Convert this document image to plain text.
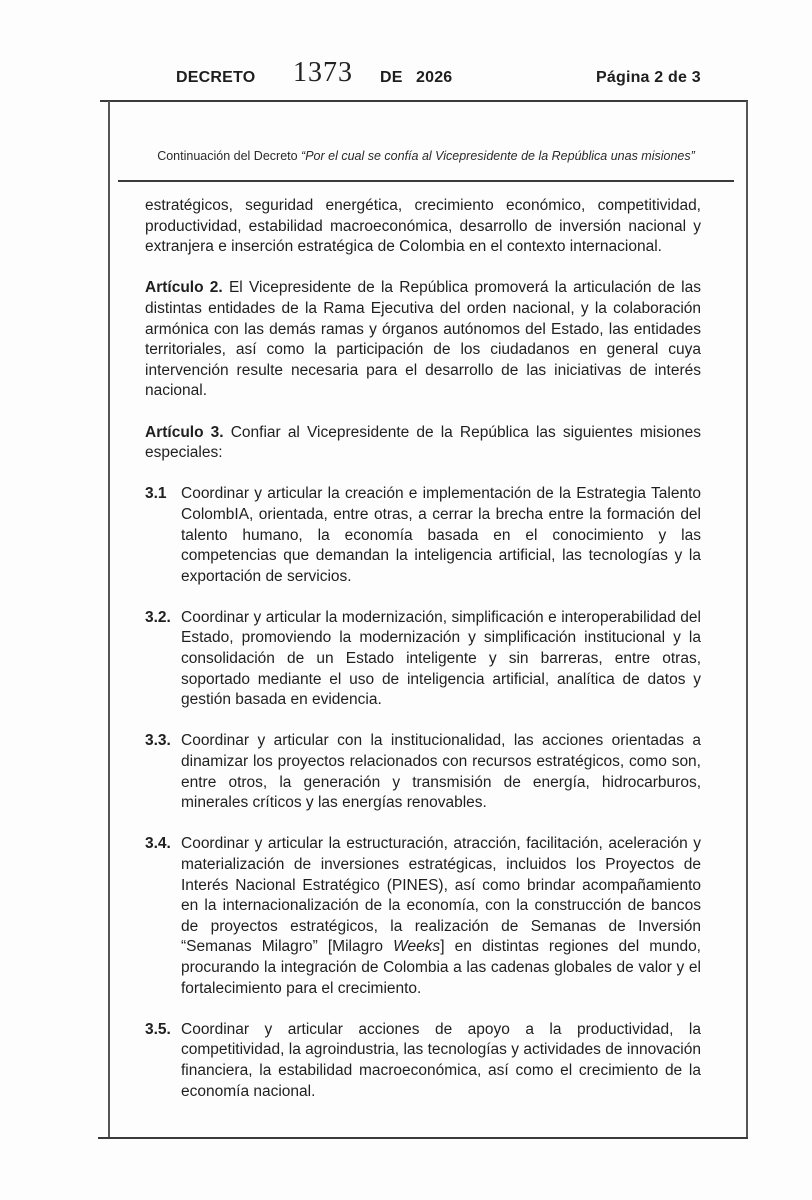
DECRETO 1373 DE 2026	Página 2 de 3
Continuación del Decreto “Por el cual se confía al Vicepresidente de la República unas misiones”

estratégicos, seguridad energética, crecimiento económico, competitividad, productividad, estabilidad macroeconómica, desarrollo de inversión nacional y extranjera e inserción estratégica de Colombia en el contexto internacional.

Artículo 2. El Vicepresidente de la República promoverá la articulación de las distintas entidades de la Rama Ejecutiva del orden nacional, y la colaboración armónica con las demás ramas y órganos autónomos del Estado, las entidades territoriales, así como la participación de los ciudadanos en general cuya intervención resulte necesaria para el desarrollo de las iniciativas de interés nacional.

Artículo 3. Confiar al Vicepresidente de la República las siguientes misiones especiales:

3.1 Coordinar y articular la creación e implementación de la Estrategia Talento ColombIA, orientada, entre otras, a cerrar la brecha entre la formación del talento humano, la economía basada en el conocimiento y las competencias que demandan la inteligencia artificial, las tecnologías y la exportación de servicios.

3.2. Coordinar y articular la modernización, simplificación e interoperabilidad del Estado, promoviendo la modernización y simplificación institucional y la consolidación de un Estado inteligente y sin barreras, entre otras, soportado mediante el uso de inteligencia artificial, analítica de datos y gestión basada en evidencia.

3.3. Coordinar y articular con la institucionalidad, las acciones orientadas a dinamizar los proyectos relacionados con recursos estratégicos, como son, entre otros, la generación y transmisión de energía, hidrocarburos, minerales críticos y las energías renovables.

3.4. Coordinar y articular la estructuración, atracción, facilitación, aceleración y materialización de inversiones estratégicas, incluidos los Proyectos de Interés Nacional Estratégico (PINES), así como brindar acompañamiento en la internacionalización de la economía, con la construcción de bancos de proyectos estratégicos, la realización de Semanas de Inversión “Semanas Milagro” [Milagro Weeks] en distintas regiones del mundo, procurando la integración de Colombia a las cadenas globales de valor y el fortalecimiento para el crecimiento.

3.5. Coordinar y articular acciones de apoyo a la productividad, la competitividad, la agroindustria, las tecnologías y actividades de innovación financiera, la estabilidad macroeconómica, así como el crecimiento de la economía nacional.
